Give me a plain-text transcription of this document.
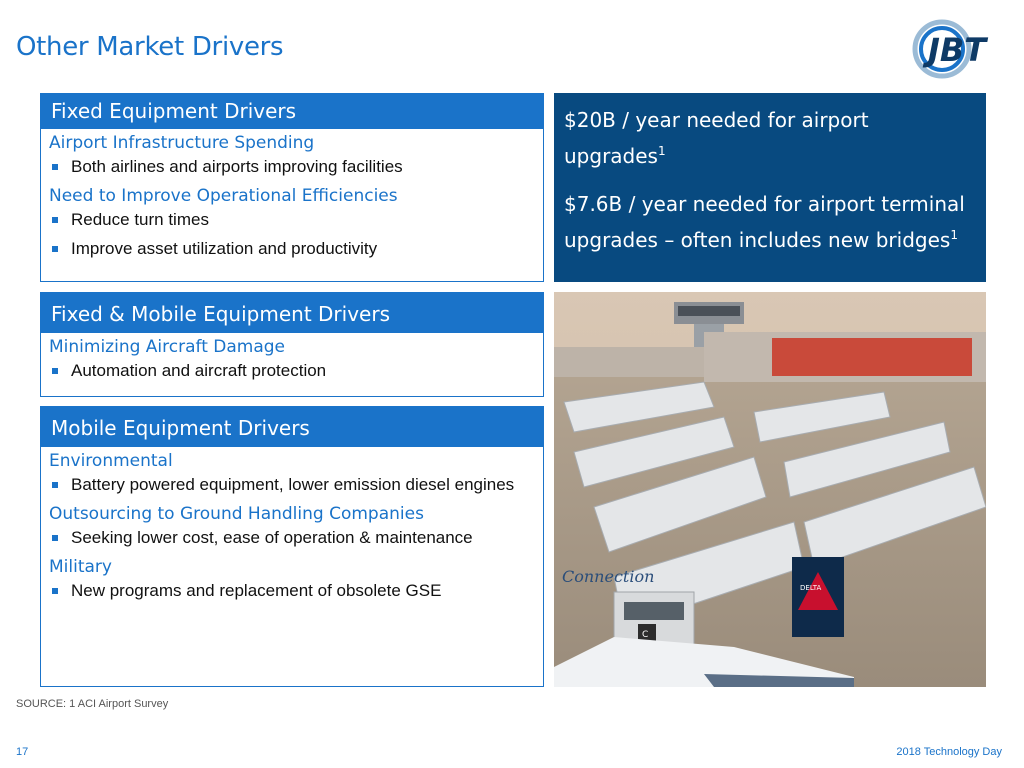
Other Market Drivers	JBT
Fixed Equipment Drivers
Airport Infrastructure Spending
Both airlines and airports improving facilities
Need to Improve Operational Efficiencies
Reduce turn times
Improve asset utilization and productivity
Fixed & Mobile Equipment Drivers
Minimizing Aircraft Damage
Automation and aircraft protection
Mobile Equipment Drivers
Environmental
Battery powered equipment, lower emission diesel engines
Outsourcing to Ground Handling Companies
Seeking lower cost, ease of operation & maintenance
Military
New programs and replacement of obsolete GSE
$20B / year needed for airport upgrades$^1$
$7.6B / year needed for airport terminal upgrades – often includes new bridges$^1$
DELTA
Connection
C
SOURCE: 1 ACI Airport Survey
17	2018 Technology Day
